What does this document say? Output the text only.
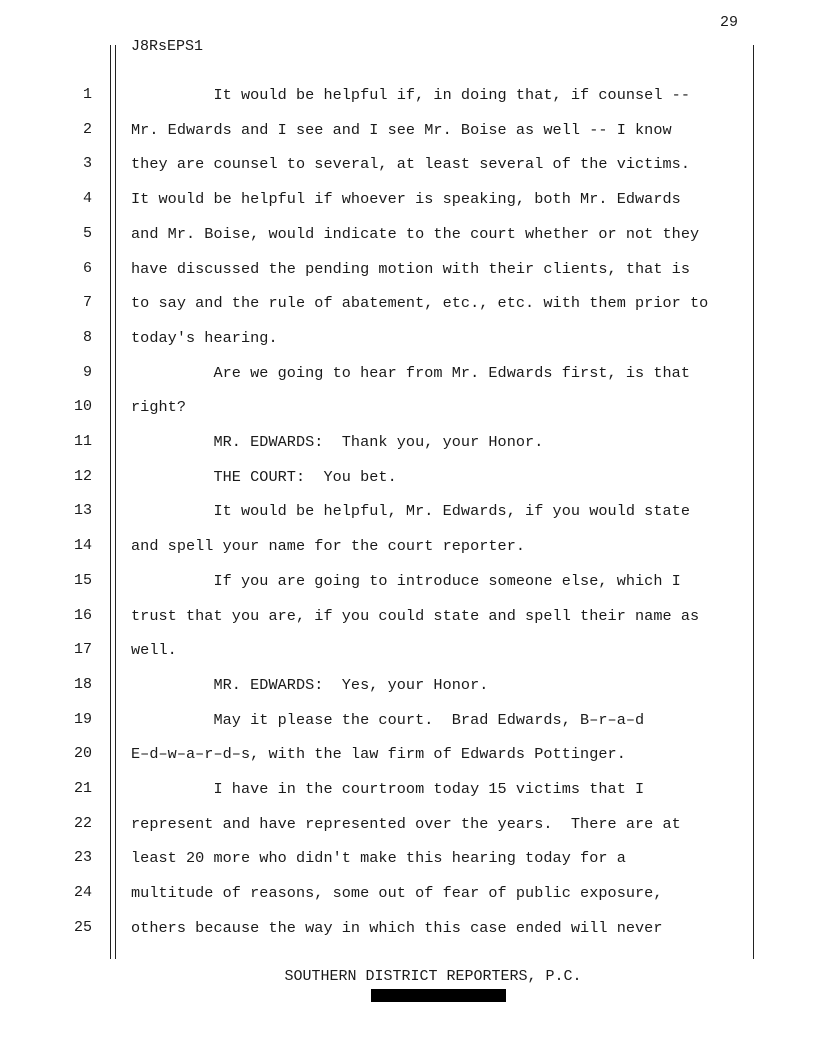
29
J8RsEPS1
1	It would be helpful if, in doing that, if counsel --
2	Mr. Edwards and I see and I see Mr. Boise as well -- I know
3	they are counsel to several, at least several of the victims.
4	It would be helpful if whoever is speaking, both Mr. Edwards
5	and Mr. Boise, would indicate to the court whether or not they
6	have discussed the pending motion with their clients, that is
7	to say and the rule of abatement, etc., etc. with them prior to
8	today's hearing.
9	Are we going to hear from Mr. Edwards first, is that
10	right?
11	MR. EDWARDS:  Thank you, your Honor.
12	THE COURT:  You bet.
13	It would be helpful, Mr. Edwards, if you would state
14	and spell your name for the court reporter.
15	If you are going to introduce someone else, which I
16	trust that you are, if you could state and spell their name as
17	well.
18	MR. EDWARDS:  Yes, your Honor.
19	May it please the court.  Brad Edwards, B–r–a–d
20	E–d–w–a–r–d–s, with the law firm of Edwards Pottinger.
21	I have in the courtroom today 15 victims that I
22	represent and have represented over the years.  There are at
23	least 20 more who didn't make this hearing today for a
24	multitude of reasons, some out of fear of public exposure,
25	others because the way in which this case ended will never
SOUTHERN DISTRICT REPORTERS, P.C.
